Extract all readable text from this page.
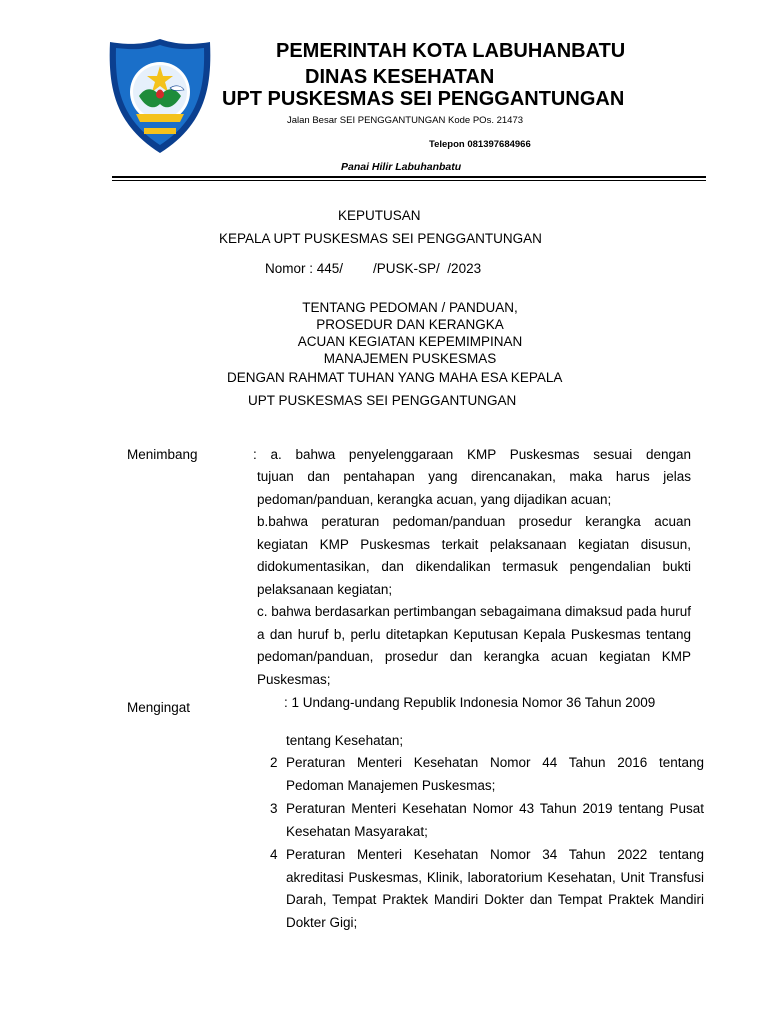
PEMERINTAH KOTA LABUHANBATU
DINAS KESEHATAN
UPT PUSKESMAS SEI PENGGANTUNGAN
Jalan Besar SEI PENGGANTUNGAN Kode POs. 21473
Telepon 081397684966
Panai Hilir Labuhanbatu
KEPUTUSAN
KEPALA UPT PUSKESMAS SEI PENGGANTUNGAN
Nomor : 445/        /PUSK-SP/  /2023
TENTANG PEDOMAN / PANDUAN,
PROSEDUR DAN KERANGKA
ACUAN KEGIATAN KEPEMIMPINAN
MANAJEMEN PUSKESMAS
DENGAN RAHMAT TUHAN YANG MAHA ESA KEPALA
UPT PUSKESMAS SEI PENGGANTUNGAN
Menimbang	: a. bahwa penyelenggaraan KMP Puskesmas sesuai dengan
tujuan dan pentahapan yang direncanakan, maka harus jelas pedoman/panduan, kerangka acuan, yang dijadikan acuan;
b.bahwa peraturan pedoman/panduan prosedur kerangka acuan kegiatan KMP Puskesmas terkait pelaksanaan kegiatan disusun, didokumentasikan, dan dikendalikan termasuk pengendalian bukti pelaksanaan kegiatan;
c. bahwa berdasarkan pertimbangan sebagaimana dimaksud pada huruf a dan huruf b, perlu ditetapkan Keputusan Kepala Puskesmas tentang pedoman/panduan, prosedur dan kerangka acuan kegiatan KMP Puskesmas;
Mengingat	: 1 Undang-undang Republik Indonesia Nomor 36 Tahun 2009
tentang Kesehatan;
2 Peraturan Menteri Kesehatan Nomor 44 Tahun 2016 tentang Pedoman Manajemen Puskesmas;
3 Peraturan Menteri Kesehatan Nomor 43 Tahun 2019 tentang Pusat Kesehatan Masyarakat;
4 Peraturan Menteri Kesehatan Nomor 34 Tahun 2022 tentang akreditasi Puskesmas, Klinik, laboratorium Kesehatan, Unit Transfusi Darah, Tempat Praktek Mandiri Dokter dan Tempat Praktek Mandiri Dokter Gigi;
